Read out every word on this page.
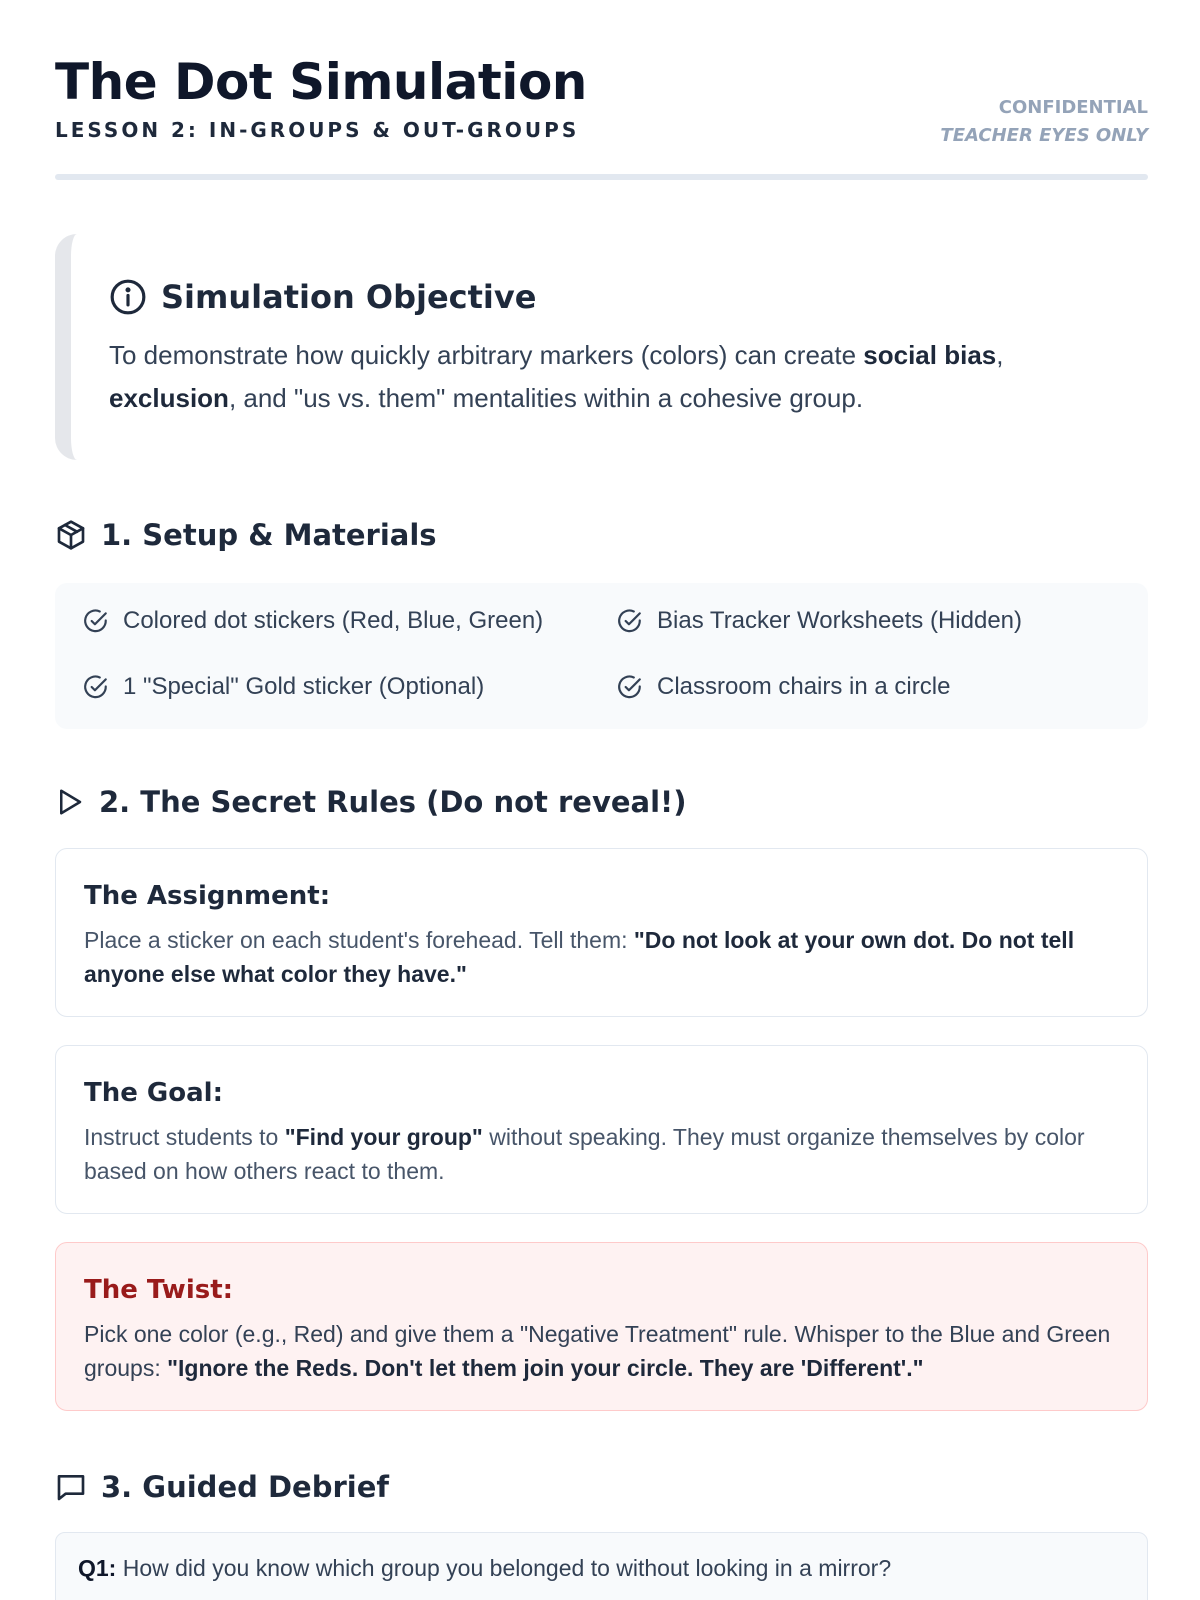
The Dot Simulation
LESSON 2: IN-GROUPS & OUT-GROUPS
CONFIDENTIAL
TEACHER EYES ONLY
Simulation Objective
To demonstrate how quickly arbitrary markers (colors) can create social bias, exclusion, and "us vs. them" mentalities within a cohesive group.
1. Setup & Materials
Colored dot stickers (Red, Blue, Green)	Bias Tracker Worksheets (Hidden)
1 "Special" Gold sticker (Optional)	Classroom chairs in a circle
2. The Secret Rules (Do not reveal!)
The Assignment:

Place a sticker on each student's forehead. Tell them: "Do not look at your own dot. Do not tell anyone else what color they have."

The Goal:

Instruct students to "Find your group" without speaking. They must organize themselves by color based on how others react to them.

The Twist:

Pick one color (e.g., Red) and give them a "Negative Treatment" rule. Whisper to the Blue and Green groups: "Ignore the Reds. Don't let them join your circle. They are 'Different'."

3. Guided Debrief
Q1: How did you know which group you belonged to without looking in a mirror?
